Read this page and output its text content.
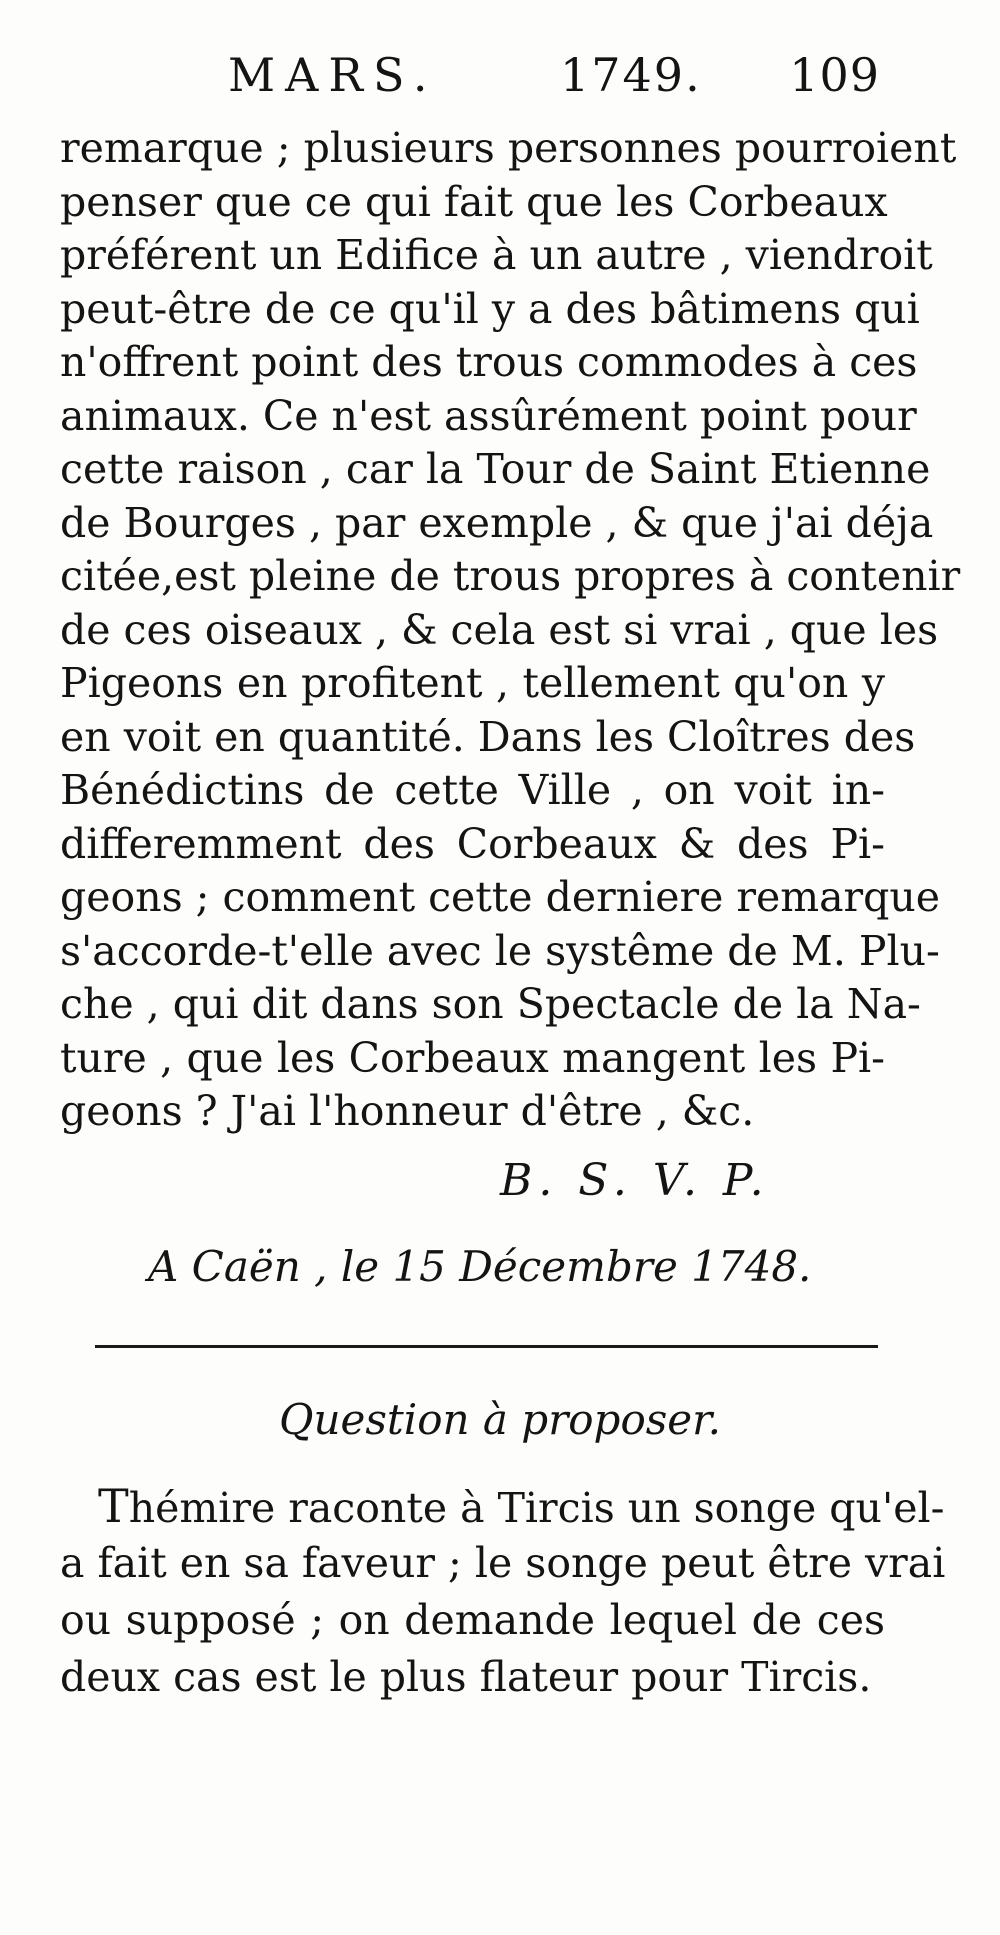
MARS.	1749. 109
remarque ; plusieurs personnes pourroient
penser que ce qui fait que les Corbeaux
préférent un Edifice à un autre , viendroit
peut-être de ce qu'il y a des bâtimens qui
n'offrent point des trous commodes à ces
animaux. Ce n'est assûrément point pour
cette raison , car la Tour de Saint Etienne
de Bourges , par exemple , & que j'ai déja
citée,est pleine de trous propres à contenir
de ces oiseaux , & cela est si vrai , que les
Pigeons en profitent , tellement qu'on y
en voit en quantité. Dans les Cloîtres des
Bénédictins de cette Ville , on voit in-
differemment des Corbeaux & des Pi-
geons ; comment cette derniere remarque
s'accorde-t'elle avec le systême de M. Plu-
che , qui dit dans son Spectacle de la Na-
ture , que les Corbeaux mangent les Pi-
geons ? J'ai l'honneur d'être , &c.
B. S. V. P.
A Caën , le 15 Décembre 1748.
Question à proposer.
Thémire raconte à Tircis un songe qu'el-
a fait en sa faveur ; le songe peut être vrai
ou supposé ; on demande lequel de ces
deux cas est le plus flateur pour Tircis.
